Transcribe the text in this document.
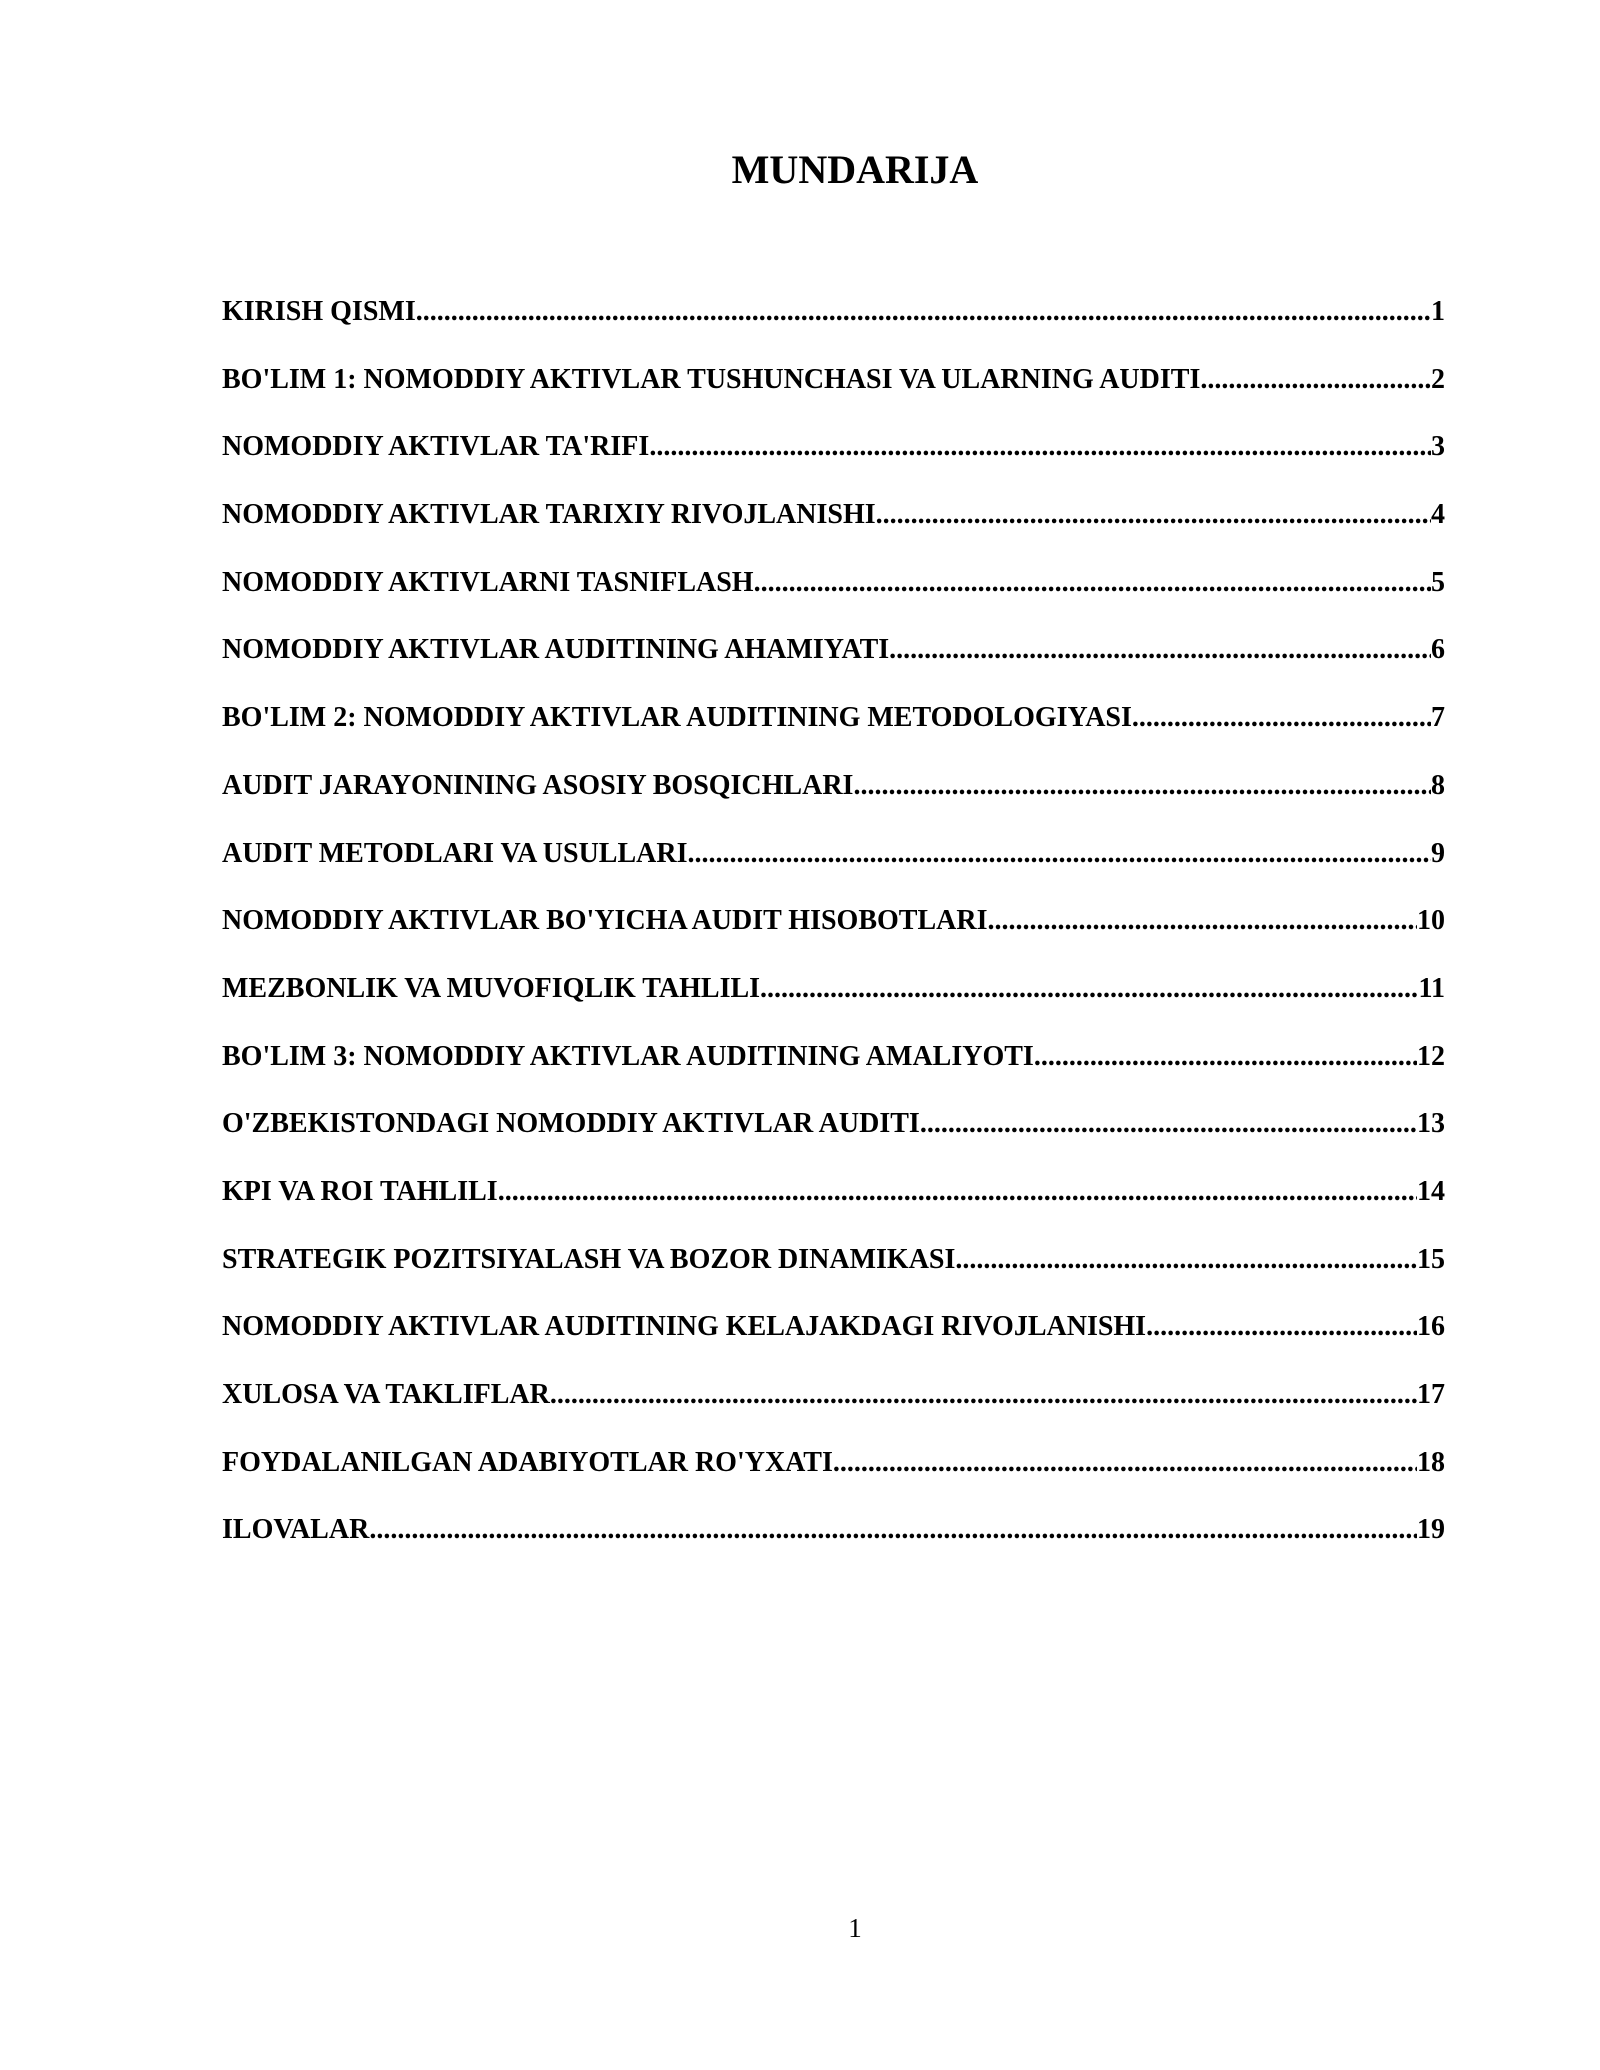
MUNDARIJA
KIRISH QISMI .....	1
BO'LIM 1: NOMODDIY AKTIVLAR TUSHUNCHASI VA ULARNING AUDITI .....	2
NOMODDIY AKTIVLAR TA'RIFI .....	3
NOMODDIY AKTIVLAR TARIXIY RIVOJLANISHI .....	4
NOMODDIY AKTIVLARNI TASNIFLASH .....	5
NOMODDIY AKTIVLAR AUDITINING AHAMIYATI .....	6
BO'LIM 2: NOMODDIY AKTIVLAR AUDITINING METODOLOGIYASI .....	7
AUDIT JARAYONINING ASOSIY BOSQICHLARI .....	8
AUDIT METODLARI VA USULLARI .....	9
NOMODDIY AKTIVLAR BO'YICHA AUDIT HISOBOTLARI .....	10
MEZBONLIK VA MUVOFIQLIK TAHLILI .....	11
BO'LIM 3: NOMODDIY AKTIVLAR AUDITINING AMALIYOTI .....	12
O'ZBEKISTONDAGI NOMODDIY AKTIVLAR AUDITI .....	13
KPI VA ROI TAHLILI .....	14
STRATEGIK POZITSIYALASH VA BOZOR DINAMIKASI .....	15
NOMODDIY AKTIVLAR AUDITINING KELAJAKDAGI RIVOJLANISHI .....	16
XULOSA VA TAKLIFLAR .....	17
FOYDALANILGAN ADABIYOTLAR RO'YXATI .....	18
ILOVALAR .....	19
1
